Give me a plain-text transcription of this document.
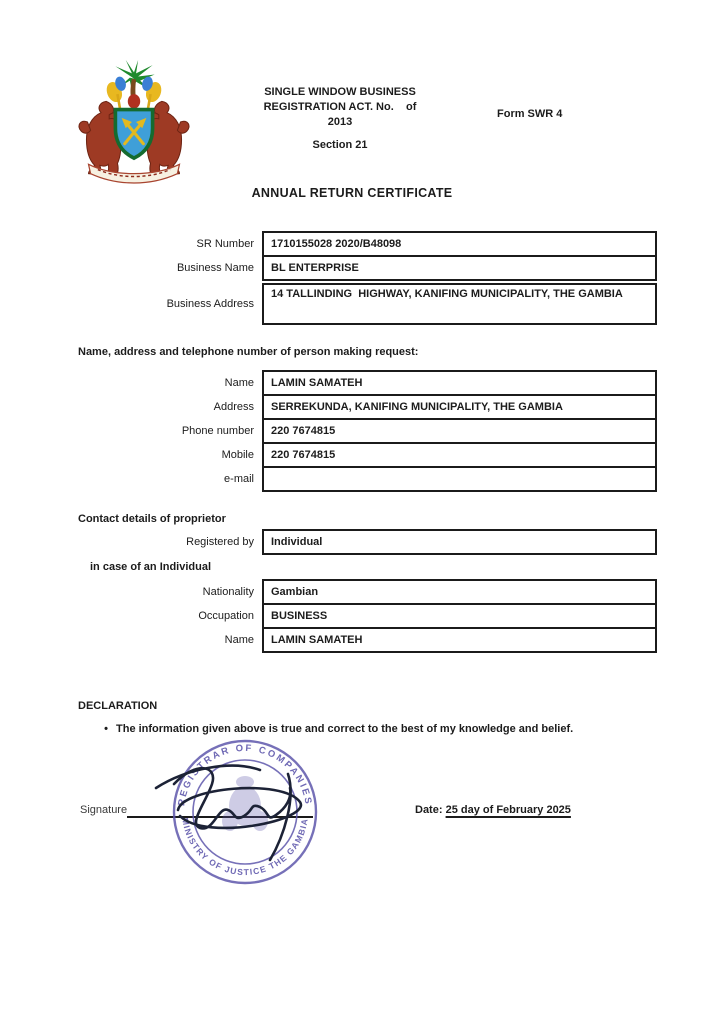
SINGLE WINDOW BUSINESS
REGISTRATION ACT. No.    of
2013
Section 21
Form SWR 4
ANNUAL RETURN CERTIFICATE
SR Number	1710155028 2020/B48098
Business Name	BL ENTERPRISE
Business Address
14 TALLINDING  HIGHWAY, KANIFING MUNICIPALITY, THE GAMBIA
Name, address and telephone number of person making request:
Name	LAMIN SAMATEH
Address	SERREKUNDA, KANIFING MUNICIPALITY, THE GAMBIA
Phone number	220 7674815
Mobile	220 7674815
e-mail
Contact details of proprietor
Registered by	Individual
in case of an Individual
Nationality	Gambian
Occupation	BUSINESS
Name	LAMIN SAMATEH
DECLARATION
• The information given above is true and correct to the best of my knowledge and belief.
Signature
REGISTRAR OF COMPANIES
MINISTRY OF JUSTICE THE GAMBIA
Date: 25 day of February 2025
